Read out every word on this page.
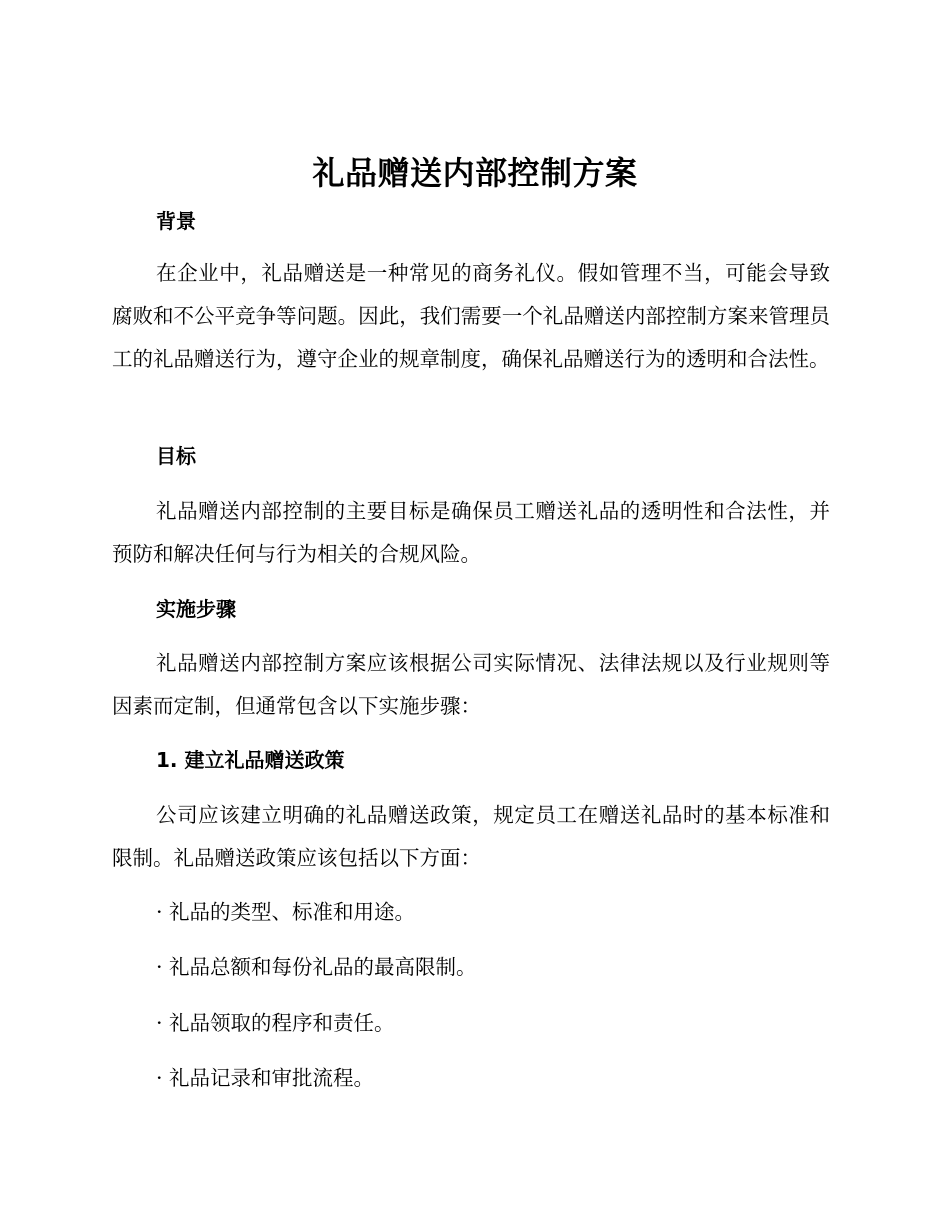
礼品赠送内部控制方案
背景

在企业中，礼品赠送是一种常见的商务礼仪。假如管理不当，可能会导致腐败和不公平竞争等问题。因此，我们需要一个礼品赠送内部控制方案来管理员工的礼品赠送行为，遵守企业的规章制度，确保礼品赠送行为的透明和合法性。

目标

礼品赠送内部控制的主要目标是确保员工赠送礼品的透明性和合法性，并预防和解决任何与行为相关的合规风险。

实施步骤

礼品赠送内部控制方案应该根据公司实际情况、法律法规以及行业规则等因素而定制，但通常包含以下实施步骤：

1. 建立礼品赠送政策

公司应该建立明确的礼品赠送政策，规定员工在赠送礼品时的基本标准和限制。礼品赠送政策应该包括以下方面：

· 礼品的类型、标准和用途。

· 礼品总额和每份礼品的最高限制。

· 礼品领取的程序和责任。

· 礼品记录和审批流程。
